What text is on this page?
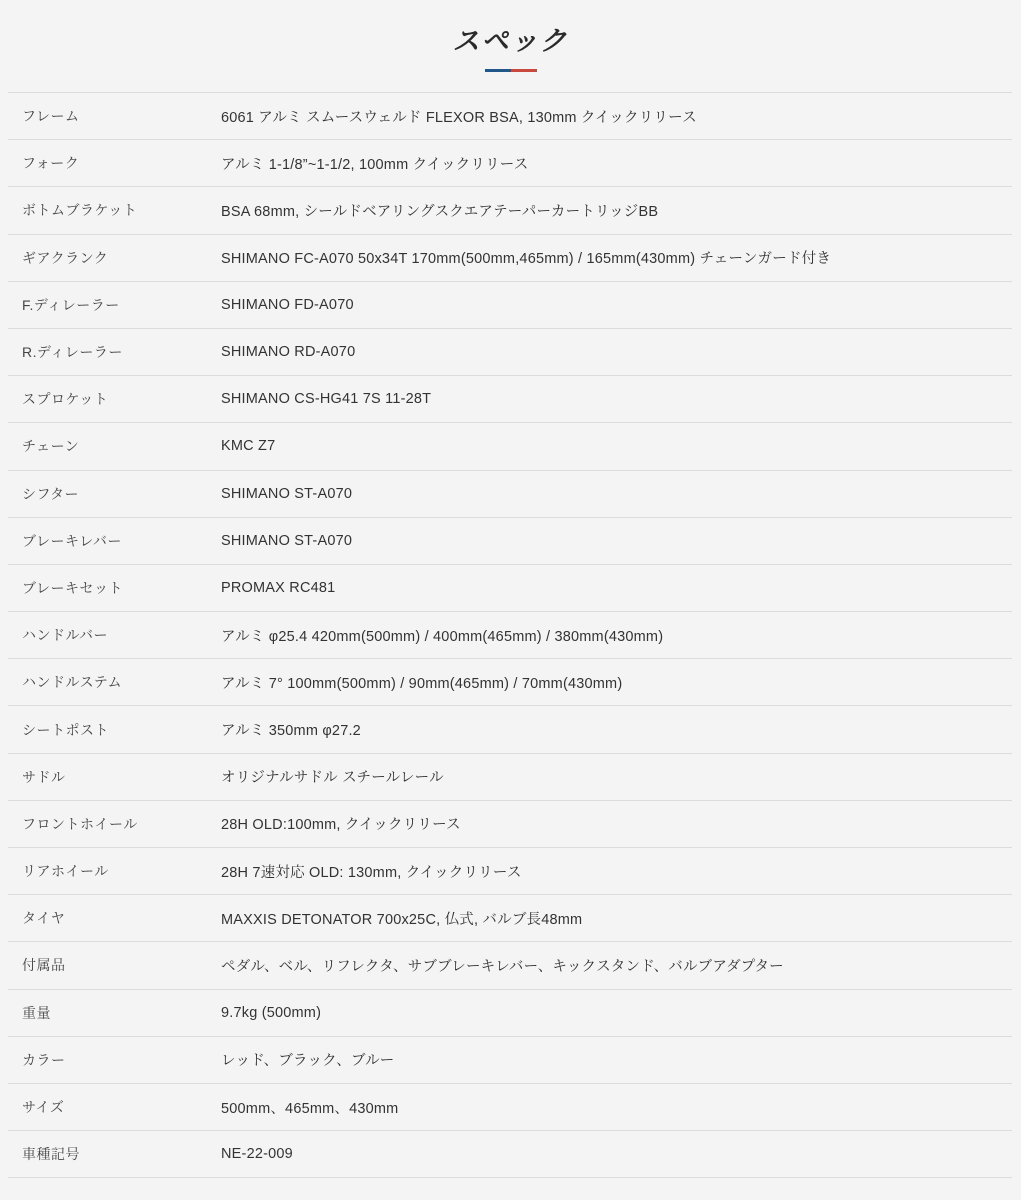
スペック
フレーム	6061 アルミ スムースウェルド FLEXOR BSA, 130mm クイックリリース
フォーク	アルミ 1-1/8”~1-1/2, 100mm クイックリリース
ボトムブラケット	BSA 68mm, シールドベアリングスクエアテーパーカートリッジBB
ギアクランク	SHIMANO FC-A070 50x34T 170mm(500mm,465mm) / 165mm(430mm) チェーンガード付き
F.ディレーラー	SHIMANO FD-A070
R.ディレーラー	SHIMANO RD-A070
スプロケット	SHIMANO CS-HG41 7S 11-28T
チェーン	KMC Z7
シフター	SHIMANO ST-A070
ブレーキレバー	SHIMANO ST-A070
ブレーキセット	PROMAX RC481
ハンドルバー	アルミ φ25.4 420mm(500mm) / 400mm(465mm) / 380mm(430mm)
ハンドルステム	アルミ 7° 100mm(500mm) / 90mm(465mm) / 70mm(430mm)
シートポスト	アルミ 350mm φ27.2
サドル	オリジナルサドル スチールレール
フロントホイール	28H OLD:100mm, クイックリリース
リアホイール	28H 7速対応 OLD: 130mm, クイックリリース
タイヤ	MAXXIS DETONATOR 700x25C, 仏式, バルブ長48mm
付属品	ペダル、ベル、リフレクタ、サブブレーキレバー、キックスタンド、バルブアダプター
重量	9.7kg (500mm)
カラー	レッド、ブラック、ブルー
サイズ	500mm、465mm、430mm
車種記号	NE-22-009
